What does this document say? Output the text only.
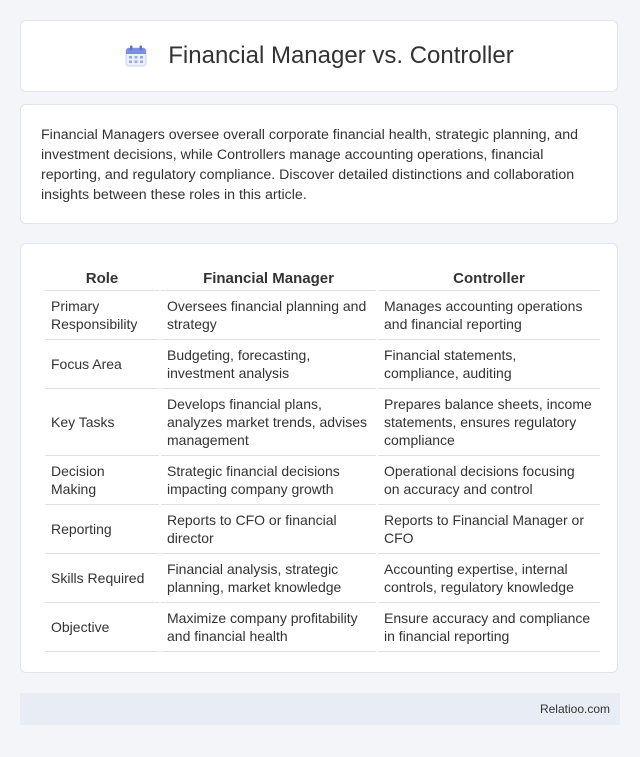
Financial Manager vs. Controller

Financial Managers oversee overall corporate financial health, strategic planning, and investment decisions, while Controllers manage accounting operations, financial reporting, and regulatory compliance. Discover detailed distinctions and collaboration insights between these roles in this article.

Role	Financial Manager	Controller
Primary Responsibility	Oversees financial planning and strategy	Manages accounting operations and financial reporting
Focus Area	Budgeting, forecasting, investment analysis	Financial statements, compliance, auditing
Key Tasks	Develops financial plans, analyzes market trends, advises management	Prepares balance sheets, income statements, ensures regulatory compliance
Decision Making	Strategic financial decisions impacting company growth	Operational decisions focusing on accuracy and control
Reporting	Reports to CFO or financial director	Reports to Financial Manager or CFO
Skills Required	Financial analysis, strategic planning, market knowledge	Accounting expertise, internal controls, regulatory knowledge
Objective	Maximize company profitability and financial health	Ensure accuracy and compliance in financial reporting
Relatioo.com
